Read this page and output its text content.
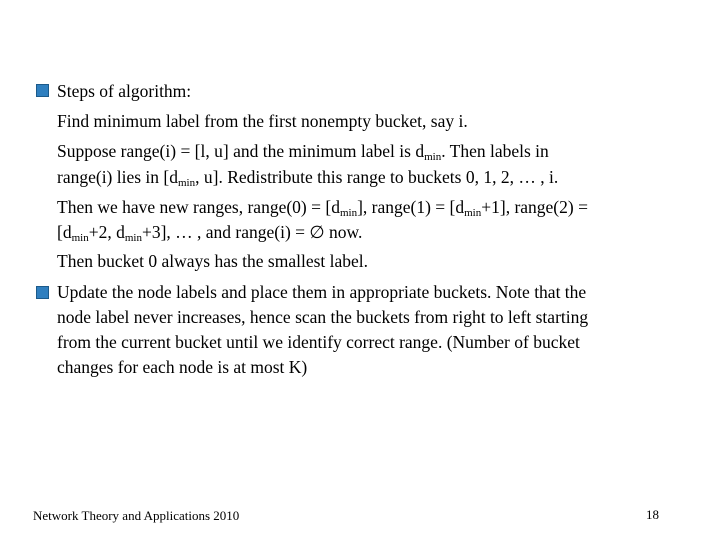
Steps of algorithm:
Find minimum label from the first nonempty bucket, say i.
Suppose range(i) = [l, u] and the minimum label is $d_{min}$. Then labels in
range(i) lies in [$d_{min}$, u]. Redistribute this range to buckets 0, 1, 2, … , i.
Then we have new ranges, range(0) = $[d_{min}]$, range(1) = $[d_{min}+1]$, range(2) =
[$d_{min}+2$, $d_{min}+3$], … , and range(i) = ∅ now.
Then bucket 0 always has the smallest label.
Update the node labels and place them in appropriate buckets. Note that the
node label never increases, hence scan the buckets from right to left starting
from the current bucket until we identify correct range. (Number of bucket
changes for each node is at most K)
Network Theory and Applications 2010	18
